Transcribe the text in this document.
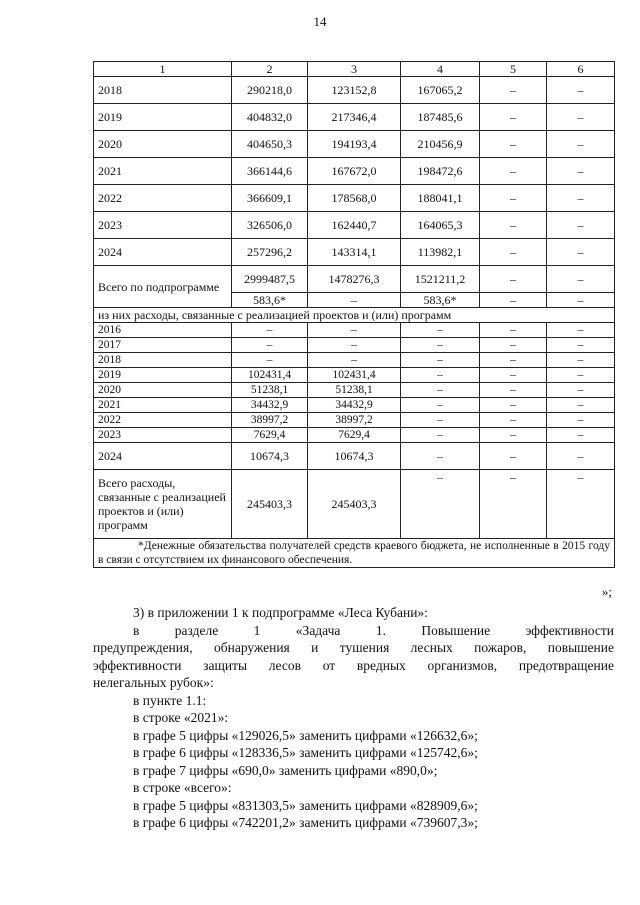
14
1	2	3	4	5	6
2018	290218,0	123152,8	167065,2	–	–
2019	404832,0	217346,4	187485,6	–	–
2020	404650,3	194193,4	210456,9	–	–
2021	366144,6	167672,0	198472,6	–	–
2022	366609,1	178568,0	188041,1	–	–
2023	326506,0	162440,7	164065,3	–	–
2024	257296,2	143314,1	113982,1	–	–
Всего по подпрограмме	2999487,5	1478276,3	1521211,2	–	–
	583,6*	–	583,6*	–	–
из них расходы, связанные с реализацией проектов и (или) программ					
2016	–	–	–	–	–
2017	–	–	–	–	–
2018	–	–	–	–	–
2019	102431,4	102431,4	–	–	–
2020	51238,1	51238,1	–	–	–
2021	34432,9	34432,9	–	–	–
2022	38997,2	38997,2	–	–	–
2023	7629,4	7629,4	–	–	–
2024	10674,3	10674,3	–	–	–
Всего расходы, связанные с реализацией проектов и (или) программ	245403,3	245403,3	–	–	–
*Денежные обязательства получателей средств краевого бюджета, не исполненные в 2015 году в связи с отсутствием их финансового обеспечения.					
»;

3) в приложении 1 к подпрограмме «Леса Кубани»:

в разделе 1 «Задача 1. Повышение эффективности

предупреждения, обнаружения и тушения лесных пожаров, повышение

эффективности защиты лесов от вредных организмов, предотвращение

нелегальных рубок»:

в пункте 1.1:

в строке «2021»:

в графе 5 цифры «129026,5» заменить цифрами «126632,6»;

в графе 6 цифры «128336,5» заменить цифрами «125742,6»;

в графе 7 цифры «690,0» заменить цифрами «890,0»;

в строке «всего»:

в графе 5 цифры «831303,5» заменить цифрами «828909,6»;

в графе 6 цифры «742201,2» заменить цифрами «739607,3»;
